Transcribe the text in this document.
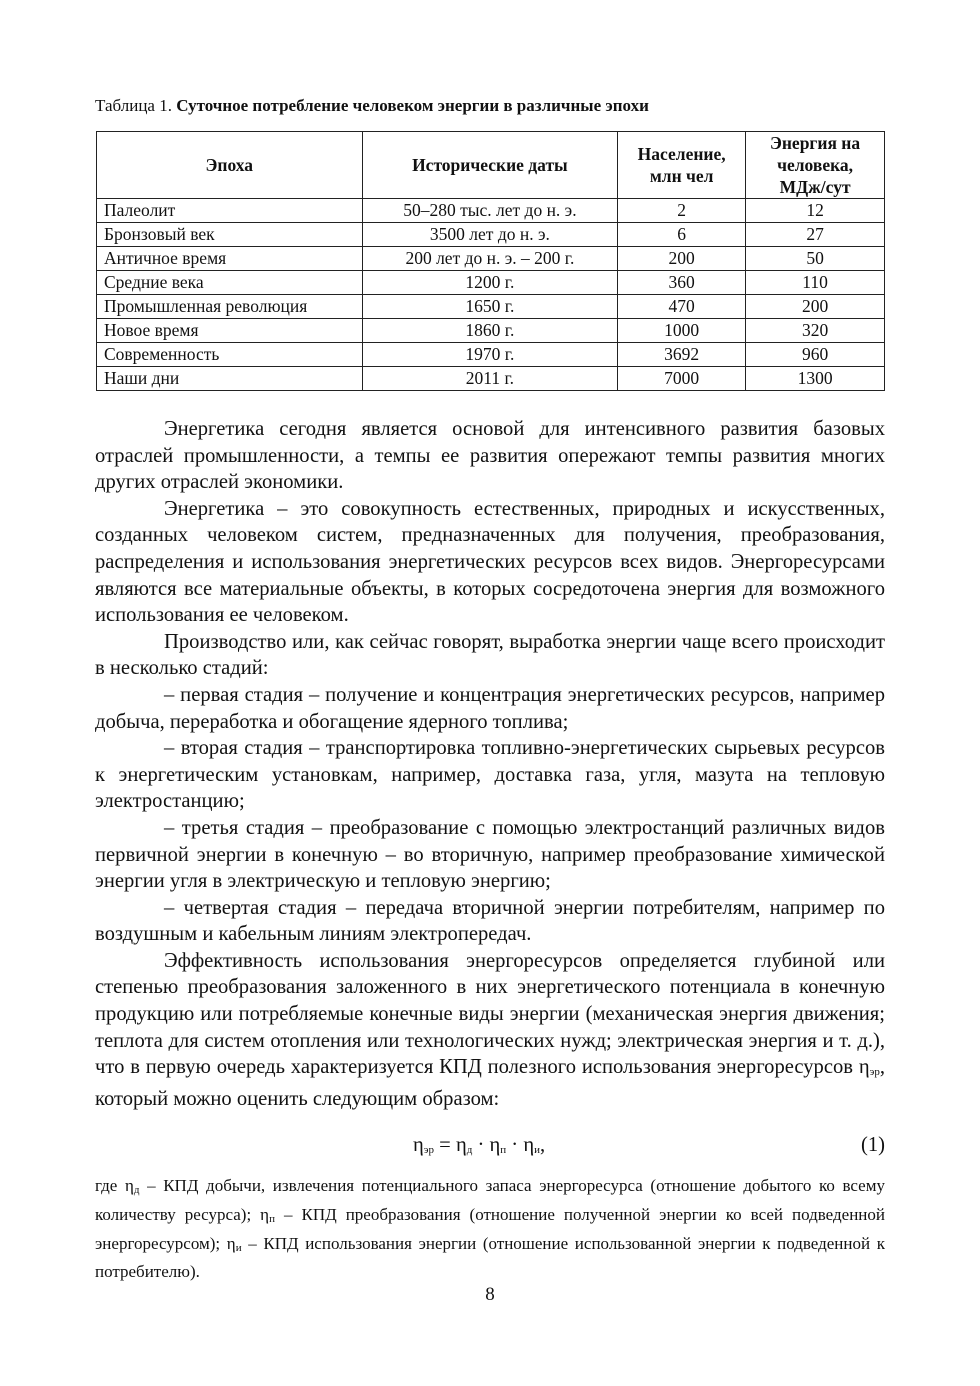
Таблица 1. Суточное потребление человеком энергии в различные эпохи
Эпоха	Исторические даты	Население, млн чел	Энергия на человека, МДж/сут
Палеолит	50–280 тыс. лет до н. э.	2	12
Бронзовый век	3500 лет до н. э.	6	27
Античное время	200 лет до н. э. – 200 г.	200	50
Средние века	1200 г.	360	110
Промышленная революция	1650 г.	470	200
Новое время	1860 г.	1000	320
Современность	1970 г.	3692	960
Наши дни	2011 г.	7000	1300

Энергетика сегодня является основой для интенсивного развития базовых отраслей промышленности, а темпы ее развития опережают темпы развития многих других отраслей экономики.

Энергетика – это совокупность естественных, природных и искусственных, созданных человеком систем, предназначенных для получения, преобразования, распределения и использования энергетических ресурсов всех видов. Энергоресурсами являются все материальные объекты, в которых сосредоточена энергия для возможного использования ее человеком.

Производство или, как сейчас говорят, выработка энергии чаще всего происходит в несколько стадий:

– первая стадия – получение и концентрация энергетических ресурсов, например добыча, переработка и обогащение ядерного топлива;

– вторая стадия – транспортировка топливно-энергетических сырьевых ресурсов к энергетическим установкам, например, доставка газа, угля, мазута на тепловую электростанцию;

– третья стадия – преобразование с помощью электростанций различных видов первичной энергии в конечную – во вторичную, например преобразование химической энергии угля в электрическую и тепловую энергию;

– четвертая стадия – передача вторичной энергии потребителям, например по воздушным и кабельным линиям электропередач.

Эффективность использования энергоресурсов определяется глубиной или степенью преобразования заложенного в них энергетического потенциала в конечную продукцию или потребляемые конечные виды энергии (механическая энергия движения; теплота для систем отопления или технологических нужд; электрическая энергия и т. д.), что в первую очередь характеризуется КПД полезного использования энергоресурсов $\eta_{эр}$, который можно оценить следующим образом:

$\eta_{эр} = \eta_д \cdot \eta_п \cdot \eta_и$,	(1)
где $\eta_д$ – КПД добычи, извлечения потенциального запаса энергоресурса (отношение добытого ко всему количеству ресурса); $\eta_п$ – КПД преобразования (отношение полученной энергии ко всей подведенной энергоресурсом); $\eta_и$ – КПД использования энергии (отношение использованной энергии к подведенной к потребителю).
8
